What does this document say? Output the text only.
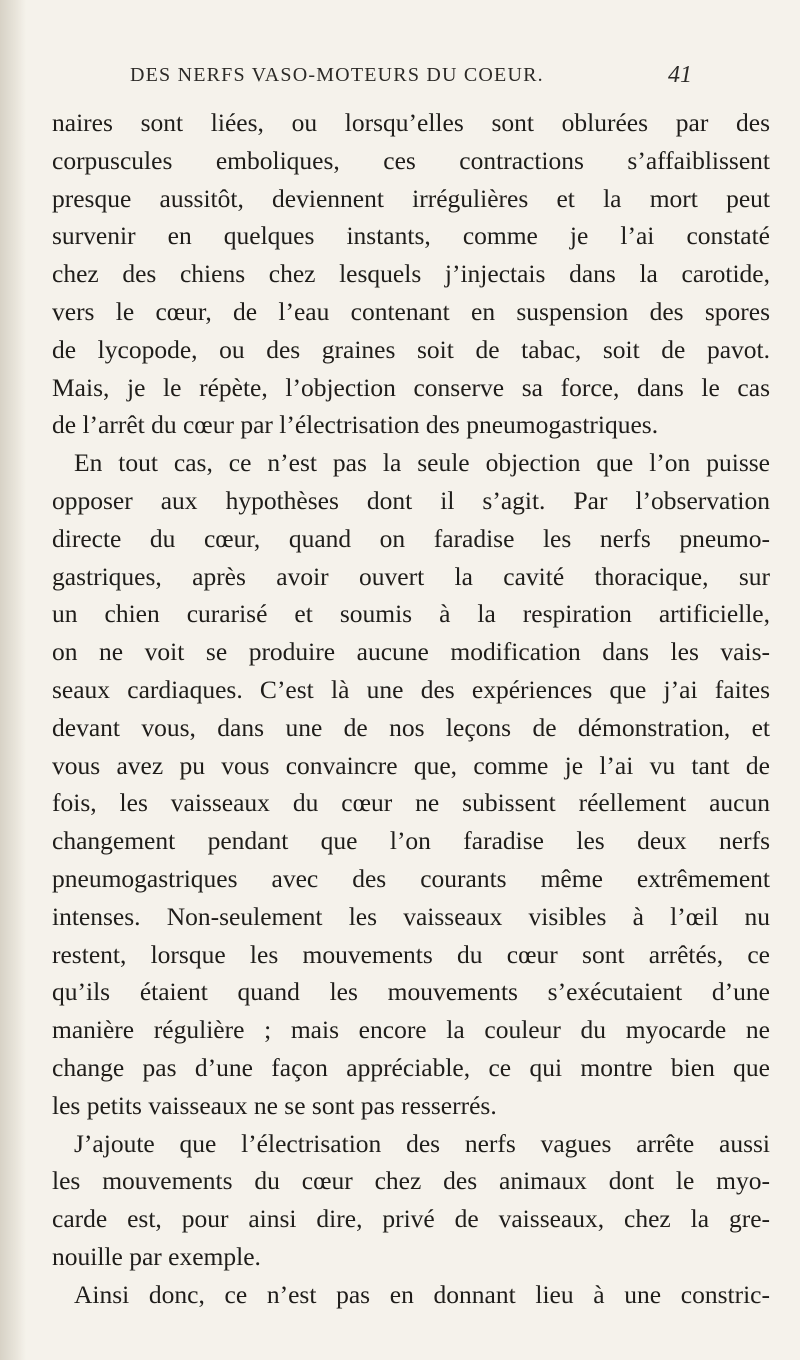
DES NERFS VASO-MOTEURS DU COEUR.	41
naires sont liées, ou lorsqu’elles sont oblurées par des
corpuscules emboliques, ces contractions s’affaiblissent
presque aussitôt, deviennent irrégulières et la mort peut
survenir en quelques instants, comme je l’ai constaté
chez des chiens chez lesquels j’injectais dans la carotide,
vers le cœur, de l’eau contenant en suspension des spores
de lycopode, ou des graines soit de tabac, soit de pavot.
Mais, je le répète, l’objection conserve sa force, dans le cas
de l’arrêt du cœur par l’électrisation des pneumogastriques.
En tout cas, ce n’est pas la seule objection que l’on puisse
opposer aux hypothèses dont il s’agit. Par l’observation
directe du cœur, quand on faradise les nerfs pneumo-
gastriques, après avoir ouvert la cavité thoracique, sur
un chien curarisé et soumis à la respiration artificielle,
on ne voit se produire aucune modification dans les vais-
seaux cardiaques. C’est là une des expériences que j’ai faites
devant vous, dans une de nos leçons de démonstration, et
vous avez pu vous convaincre que, comme je l’ai vu tant de
fois, les vaisseaux du cœur ne subissent réellement aucun
changement pendant que l’on faradise les deux nerfs
pneumogastriques avec des courants même extrêmement
intenses. Non-seulement les vaisseaux visibles à l’œil nu
restent, lorsque les mouvements du cœur sont arrêtés, ce
qu’ils étaient quand les mouvements s’exécutaient d’une
manière régulière ; mais encore la couleur du myocarde ne
change pas d’une façon appréciable, ce qui montre bien que
les petits vaisseaux ne se sont pas resserrés.
J’ajoute que l’électrisation des nerfs vagues arrête aussi
les mouvements du cœur chez des animaux dont le myo-
carde est, pour ainsi dire, privé de vaisseaux, chez la gre-
nouille par exemple.
Ainsi donc, ce n’est pas en donnant lieu à une constric-
